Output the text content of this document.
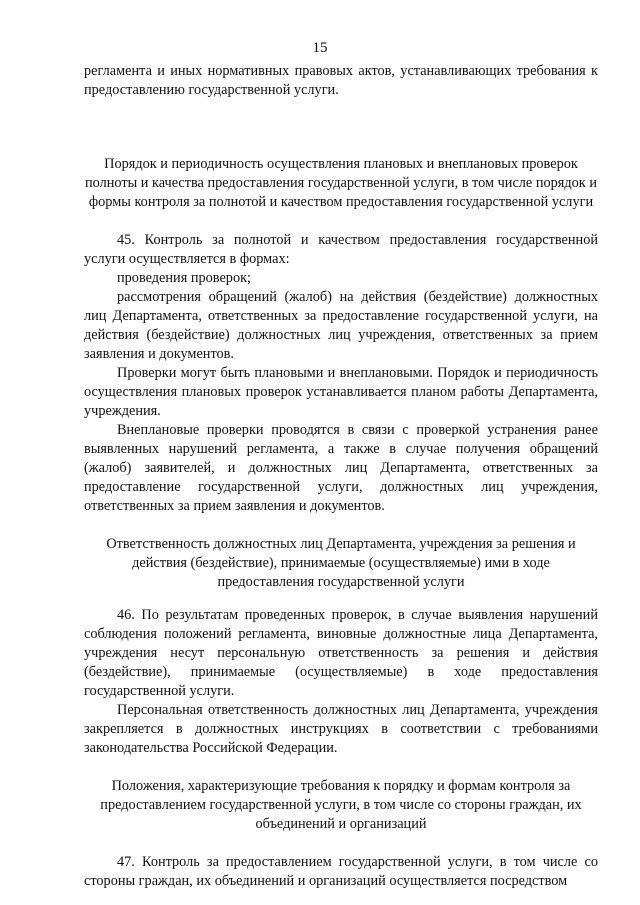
15

регламента и иных нормативных правовых актов, устанавливающих требования к предоставлению государственной услуги.

Порядок и периодичность осуществления плановых и внеплановых проверок полноты и качества предоставления государственной услуги, в том числе порядок и формы контроля за полнотой и качеством предоставления государственной услуги

45. Контроль за полнотой и качеством предоставления государственной услуги осуществляется в формах:

проведения проверок;

рассмотрения обращений (жалоб) на действия (бездействие) должностных лиц Департамента, ответственных за предоставление государственной услуги, на действия (бездействие) должностных лиц учреждения, ответственных за прием заявления и документов.

Проверки могут быть плановыми и внеплановыми. Порядок и периодичность осуществления плановых проверок устанавливается планом работы Департамента, учреждения.

Внеплановые проверки проводятся в связи с проверкой устранения ранее выявленных нарушений регламента, а также в случае получения обращений (жалоб) заявителей, и должностных лиц Департамента, ответственных за предоставление государственной услуги, должностных лиц учреждения, ответственных за прием заявления и документов.

Ответственность должностных лиц Департамента, учреждения за решения и действия (бездействие), принимаемые (осуществляемые) ими в ходе предоставления государственной услуги

46. По результатам проведенных проверок, в случае выявления нарушений соблюдения положений регламента, виновные должностные лица Департамента, учреждения несут персональную ответственность за решения и действия (бездействие), принимаемые (осуществляемые) в ходе предоставления государственной услуги.

Персональная ответственность должностных лиц Департамента, учреждения закрепляется в должностных инструкциях в соответствии с требованиями законодательства Российской Федерации.

Положения, характеризующие требования к порядку и формам контроля за предоставлением государственной услуги, в том числе со стороны граждан, их объединений и организаций

47. Контроль за предоставлением государственной услуги, в том числе со стороны граждан, их объединений и организаций осуществляется посредством
